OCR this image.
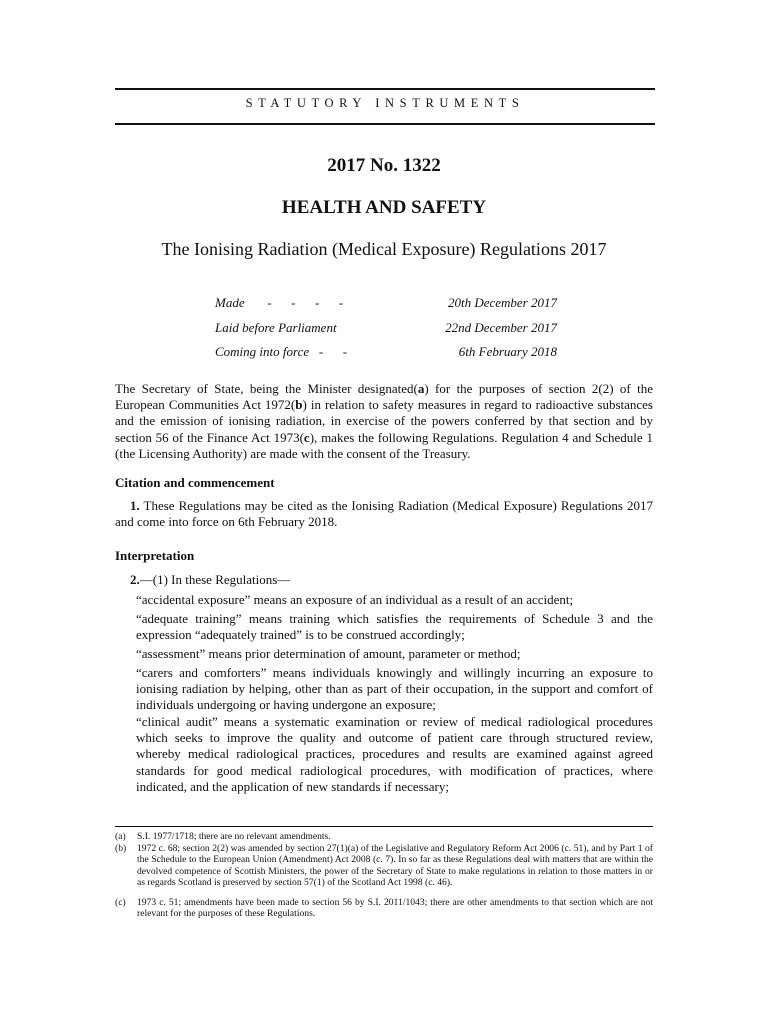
STATUTORY INSTRUMENTS
2017 No. 1322
HEALTH AND SAFETY
The Ionising Radiation (Medical Exposure) Regulations 2017
Made       -      -      -      -	20th December 2017
Laid before Parliament	22nd December 2017
Coming into force   -      -	6th February 2018

The Secretary of State, being the Minister designated(a) for the purposes of section 2(2) of the European Communities Act 1972(b) in relation to safety measures in regard to radioactive substances and the emission of ionising radiation, in exercise of the powers conferred by that section and by section 56 of the Finance Act 1973(c), makes the following Regulations. Regulation 4 and Schedule 1 (the Licensing Authority) are made with the consent of the Treasury.

Citation and commencement

1. These Regulations may be cited as the Ionising Radiation (Medical Exposure) Regulations 2017 and come into force on 6th February 2018.

Interpretation

2.—(1) In these Regulations—

“accidental exposure” means an exposure of an individual as a result of an accident;

“adequate training” means training which satisfies the requirements of Schedule 3 and the expression “adequately trained” is to be construed accordingly;

“assessment” means prior determination of amount, parameter or method;

“carers and comforters” means individuals knowingly and willingly incurring an exposure to ionising radiation by helping, other than as part of their occupation, in the support and comfort of individuals undergoing or having undergone an exposure;

“clinical audit” means a systematic examination or review of medical radiological procedures which seeks to improve the quality and outcome of patient care through structured review, whereby medical radiological practices, procedures and results are examined against agreed standards for good medical radiological procedures, with modification of practices, where indicated, and the application of new standards if necessary;

(a) S.I. 1977/1718; there are no relevant amendments.
(b) 1972 c. 68; section 2(2) was amended by section 27(1)(a) of the Legislative and Regulatory Reform Act 2006 (c. 51), and by Part 1 of the Schedule to the European Union (Amendment) Act 2008 (c. 7). In so far as these Regulations deal with matters that are within the devolved competence of Scottish Ministers, the power of the Secretary of State to make regulations in relation to those matters in or as regards Scotland is preserved by section 57(1) of the Scotland Act 1998 (c. 46).
(c) 1973 c. 51; amendments have been made to section 56 by S.I. 2011/1043; there are other amendments to that section which are not relevant for the purposes of these Regulations.
